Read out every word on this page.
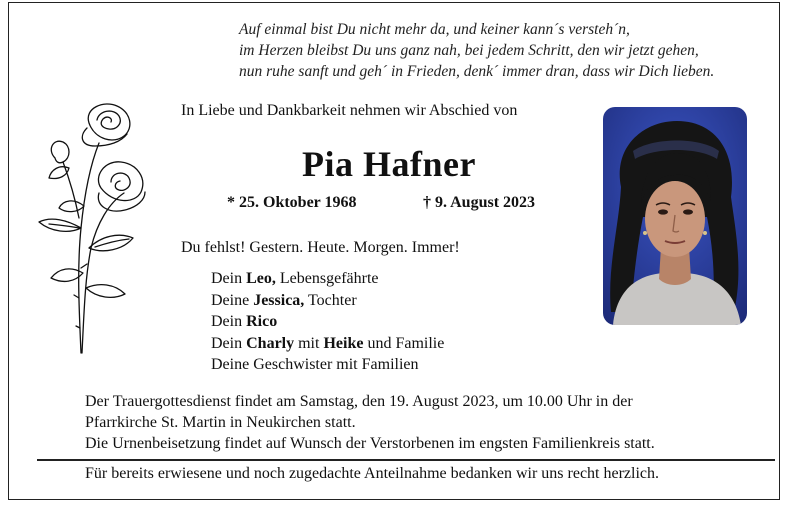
Auf einmal bist Du nicht mehr da, und keiner kann´s versteh´n,
im Herzen bleibst Du uns ganz nah, bei jedem Schritt, den wir jetzt gehen,
nun ruhe sanft und geh´ in Frieden, denk´ immer dran, dass wir Dich lieben.
In Liebe und Dankbarkeit nehmen wir Abschied von
Pia Hafner
* 25. Oktober 1968	† 9. August 2023
Du fehlst! Gestern. Heute. Morgen. Immer!
Dein Leo, Lebensgefährte
Deine Jessica, Tochter
Dein Rico
Dein Charly mit Heike und Familie
Deine Geschwister mit Familien
Der Trauergottesdienst findet am Samstag, den 19. August 2023, um 10.00 Uhr in der
Pfarrkirche St. Martin in Neukirchen statt.
Die Urnenbeisetzung findet auf Wunsch der Verstorbenen im engsten Familienkreis statt.
Für bereits erwiesene und noch zugedachte Anteilnahme bedanken wir uns recht herzlich.
